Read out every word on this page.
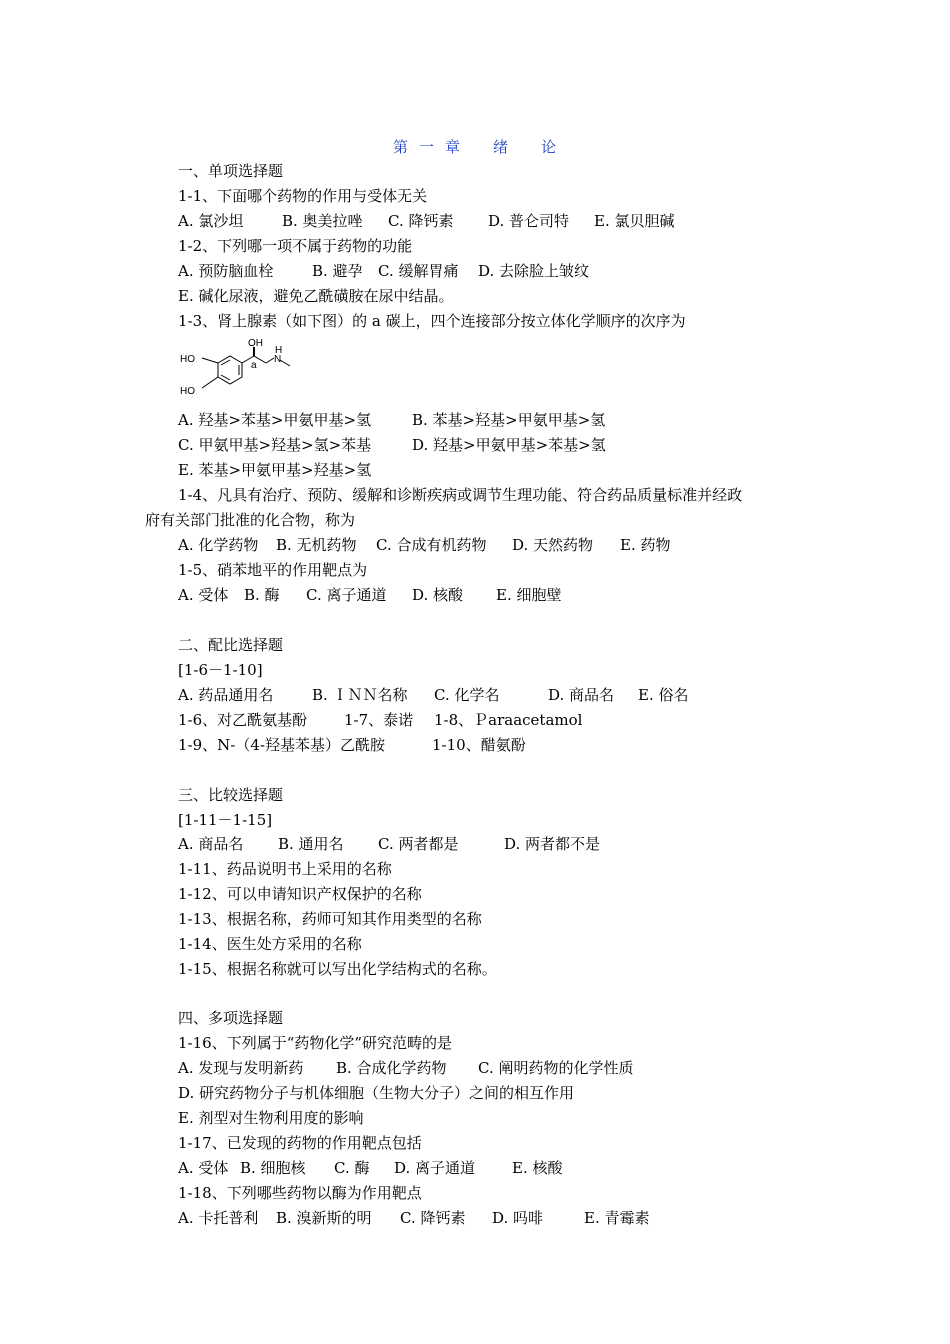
第 一 章 绪 论
一、单项选择题
1-1、下面哪个药物的作用与受体无关
A. 氯沙坦	B. 奥美拉唑 C. 降钙素 D. 普仑司特 E. 氯贝胆碱
1-2、下列哪一项不属于药物的功能
A. 预防脑血栓	B. 避孕 C. 缓解胃痛 D. 去除脸上皱纹
E. 碱化尿液，避免乙酰磺胺在尿中结晶。
1-3、肾上腺素（如下图）的 a 碳上，四个连接部分按立体化学顺序的次序为
OH
H
N
a
HO
HO
A. 羟基>苯基>甲氨甲基>氢	B. 苯基>羟基>甲氨甲基>氢
C. 甲氨甲基>羟基>氢>苯基	D. 羟基>甲氨甲基>苯基>氢
E. 苯基>甲氨甲基>羟基>氢
1-4、凡具有治疗、预防、缓解和诊断疾病或调节生理功能、符合药品质量标准并经政
府有关部门批准的化合物，称为
A. 化学药物 B. 无机药物 C. 合成有机药物 D. 天然药物 E. 药物
1-5、硝苯地平的作用靶点为
A. 受体 B. 酶 C. 离子通道 D. 核酸 E. 细胞壁
二、配比选择题
[1-6－1-10]
A. 药品通用名	B. ＩＮＮ名称 C. 化学名	D. 商品名 E. 俗名
1-6、对乙酰氨基酚 1-7、泰诺 1-8、Ｐaraacetamol
1-9、N-（4-羟基苯基）乙酰胺	1-10、醋氨酚
三、比较选择题
[1-11－1-15]
A. 商品名 B. 通用名 C. 两者都是	D. 两者都不是
1-11、药品说明书上采用的名称
1-12、可以申请知识产权保护的名称
1-13、根据名称，药师可知其作用类型的名称
1-14、医生处方采用的名称
1-15、根据名称就可以写出化学结构式的名称。
四、多项选择题
1-16、下列属于“药物化学”研究范畴的是
A. 发现与发明新药 B. 合成化学药物 C. 阐明药物的化学性质
D. 研究药物分子与机体细胞（生物大分子）之间的相互作用
E. 剂型对生物利用度的影响
1-17、已发现的药物的作用靶点包括
A. 受体 B. 细胞核 C. 酶 D. 离子通道 E. 核酸
1-18、下列哪些药物以酶为作用靶点
A. 卡托普利 B. 溴新斯的明 C. 降钙素 D. 吗啡	E. 青霉素
